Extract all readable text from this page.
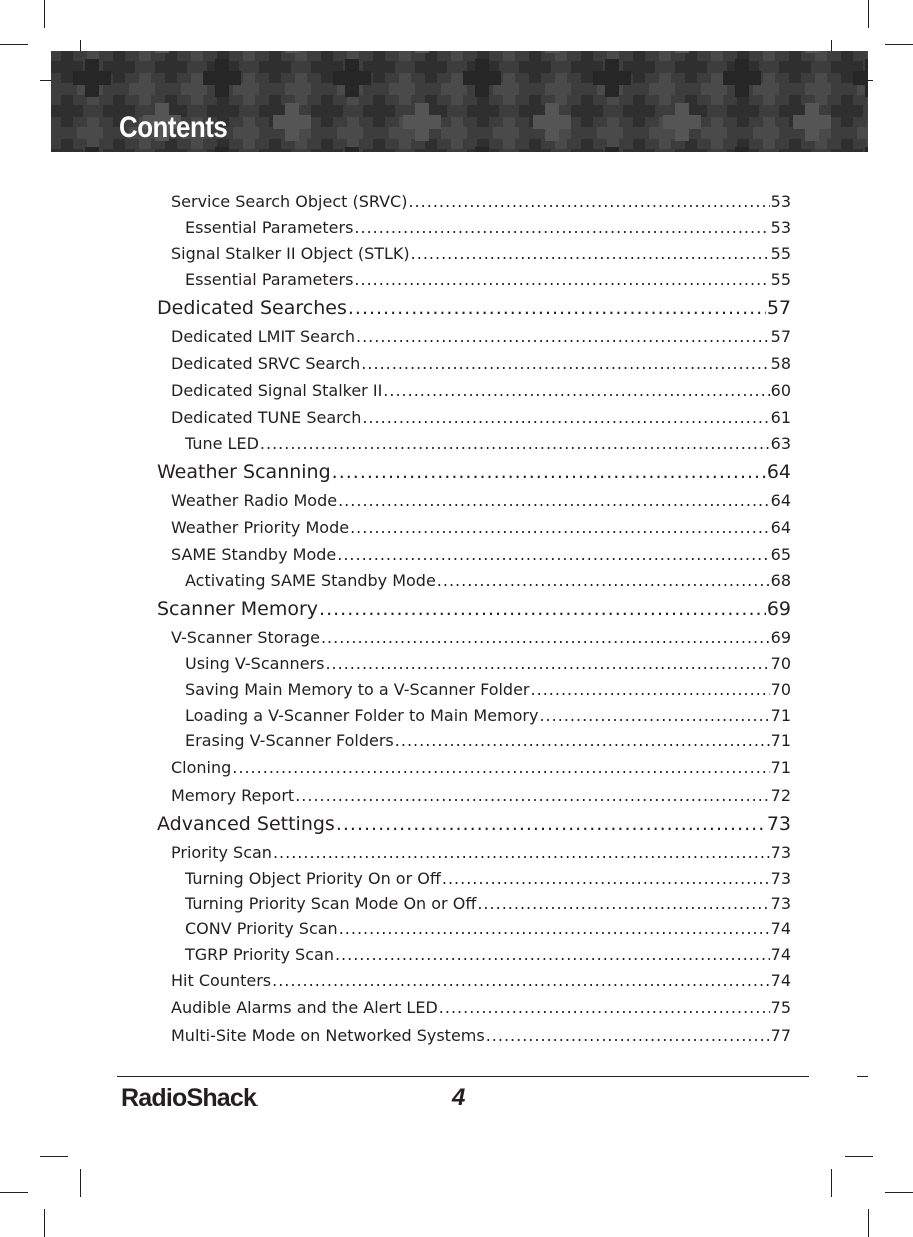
Contents
Service Search Object (SRVC) .....	53
Essential Parameters .....	53
Signal Stalker II Object (STLK) .....	55
Essential Parameters .....	55
Dedicated Searches .....	57
Dedicated LMIT Search .....	57
Dedicated SRVC Search .....	58
Dedicated Signal Stalker II .....	60
Dedicated TUNE Search .....	61
Tune LED .....	63
Weather Scanning .....	64
Weather Radio Mode .....	64
Weather Priority Mode .....	64
SAME Standby Mode .....	65
Activating SAME Standby Mode .....	68
Scanner Memory .....	69
V-Scanner Storage .....	69
Using V-Scanners .....	70
Saving Main Memory to a V-Scanner Folder .....	70
Loading a V-Scanner Folder to Main Memory .....	71
Erasing V-Scanner Folders .....	71
Cloning .....	71
Memory Report .....	72
Advanced Settings .....	73
Priority Scan .....	73
Turning Object Priority On or Off .....	73
Turning Priority Scan Mode On or Off .....	73
CONV Priority Scan .....	74
TGRP Priority Scan .....	74
Hit Counters .....	74
Audible Alarms and the Alert LED .....	75
Multi-Site Mode on Networked Systems .....	77
RadioShack.	4
